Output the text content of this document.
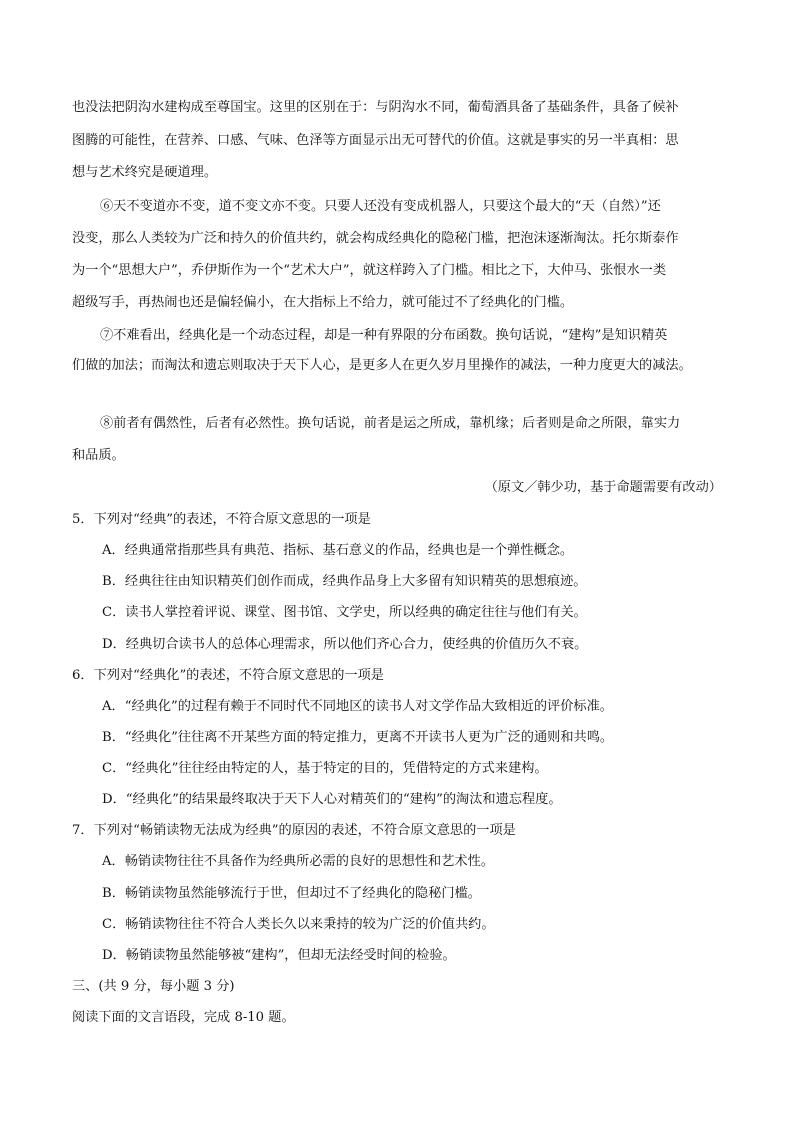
也没法把阴沟水建构成至尊国宝。这里的区别在于：与阴沟水不同，葡萄酒具备了基础条件，具备了候补
图腾的可能性，在营养、口感、气味、色泽等方面显示出无可替代的价值。这就是事实的另一半真相：思
想与艺术终究是硬道理。
⑥天不变道亦不变，道不变文亦不变。只要人还没有变成机器人，只要这个最大的“天（自然）”还
没变，那么人类较为广泛和持久的价值共约，就会构成经典化的隐秘门槛，把泡沫逐渐淘汰。托尔斯泰作
为一个“思想大户”，乔伊斯作为一个“艺术大户”，就这样跨入了门槛。相比之下，大仲马、张恨水一类
超级写手，再热闹也还是偏轻偏小，在大指标上不给力，就可能过不了经典化的门槛。
⑦不难看出，经典化是一个动态过程，却是一种有界限的分布函数。换句话说，“建构”是知识精英
们做的加法；而淘汰和遗忘则取决于天下人心，是更多人在更久岁月里操作的减法，一种力度更大的减法。
⑧前者有偶然性，后者有必然性。换句话说，前者是运之所成，靠机缘；后者则是命之所限，靠实力
和品质。
（原文／韩少功，基于命题需要有改动）
5．下列对“经典”的表述，不符合原文意思的一项是
A．经典通常指那些具有典范、指标、基石意义的作品，经典也是一个弹性概念。
B．经典往往由知识精英们创作而成，经典作品身上大多留有知识精英的思想痕迹。
C．读书人掌控着评说、课堂、图书馆、文学史，所以经典的确定往往与他们有关。
D．经典切合读书人的总体心理需求，所以他们齐心合力，使经典的价值历久不衰。
6．下列对“经典化”的表述，不符合原文意思的一项是
A．“经典化”的过程有赖于不同时代不同地区的读书人对文学作品大致相近的评价标准。
B．“经典化”往往离不开某些方面的特定推力，更离不开读书人更为广泛的通则和共鸣。
C．“经典化”往往经由特定的人，基于特定的目的，凭借特定的方式来建构。
D．“经典化”的结果最终取决于天下人心对精英们的“建构”的淘汰和遗忘程度。
7．下列对“畅销读物无法成为经典”的原因的表述，不符合原文意思的一项是
A．畅销读物往往不具备作为经典所必需的良好的思想性和艺术性。
B．畅销读物虽然能够流行于世，但却过不了经典化的隐秘门槛。
C．畅销读物往往不符合人类长久以来秉持的较为广泛的价值共约。
D．畅销读物虽然能够被“建构”，但却无法经受时间的检验。
三、(共 9 分，每小题 3 分)
阅读下面的文言语段，完成 8-10 题。
